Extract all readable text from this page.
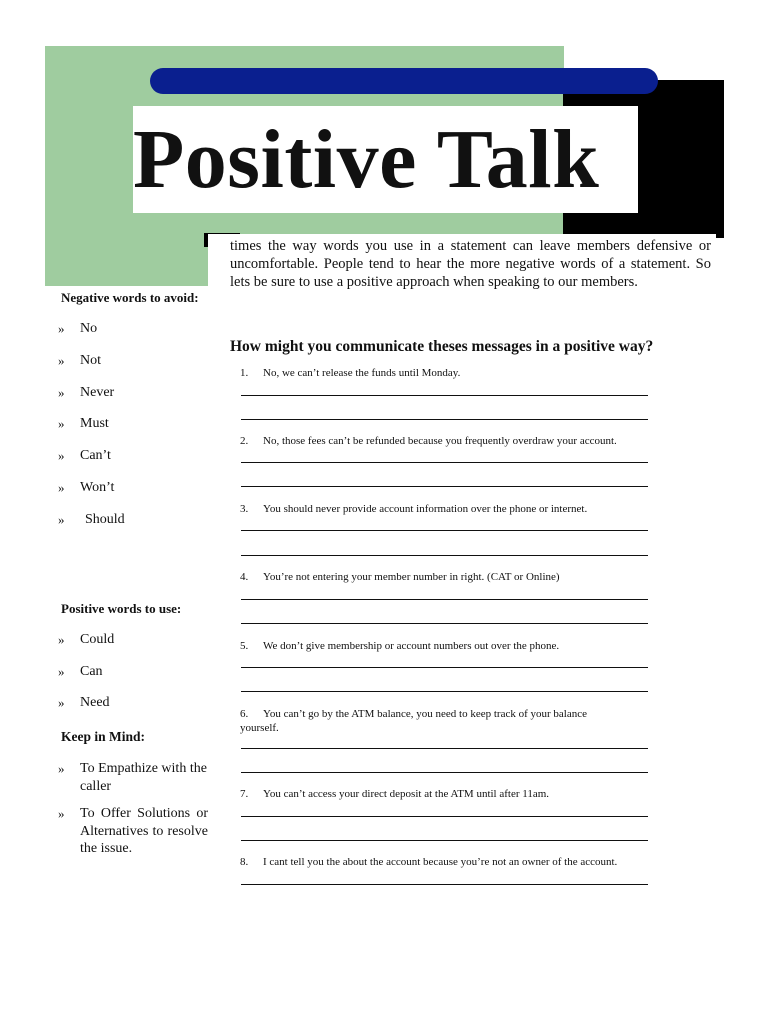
Positive Talk
times the way words you use in a statement can leave members defensive or uncomfortable. People tend to hear the more negative words of a statement. So lets be sure to use a positive approach when speaking to our members.
Negative words to avoid:
» No
» Not
» Never
» Must
» Can’t
» Won’t
» Should
Positive words to use:
» Could
» Can
» Need
Keep in Mind:
» To Empathize with the caller
» To Offer Solutions or Alternatives to resolve the issue.
How might you communicate theses messages in a positive way?
1. No, we can’t release the funds until Monday.
2. No, those fees can’t be refunded because you frequently overdraw your account.
3. You should never provide account information over the phone or internet.
4. You’re not entering your member number in right. (CAT or Online)
5. We don’t give membership or account numbers out over the phone.
6. You can’t go by the ATM balance, you need to keep track of your balance
yourself.
7. You can’t access your direct deposit at the ATM until after 11am.
8. I cant tell you the about the account because you’re not an owner of the account.
